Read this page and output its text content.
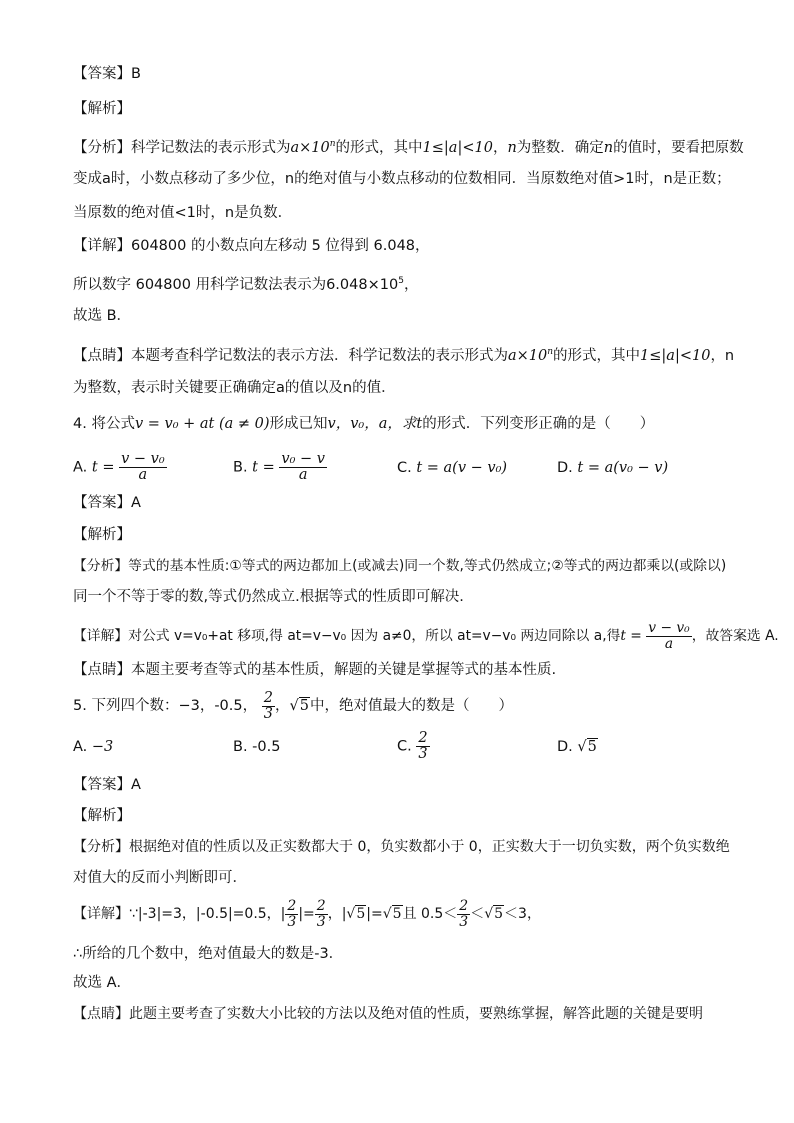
【答案】B
【解析】
【分析】科学记数法的表示形式为$a\times 10^n$的形式，其中1≤|a|<10，n为整数．确定n的值时，要看把原数
变成a时，小数点移动了多少位，n的绝对值与小数点移动的位数相同．当原数绝对值>1时，n是正数；
当原数的绝对值<1时，n是负数．
【详解】604800 的小数点向左移动 5 位得到 6.048，
所以数字 604800 用科学记数法表示为$6.048\times 10^5$，
故选 B．
【点睛】本题考查科学记数法的表示方法．科学记数法的表示形式为$a\times 10^n$的形式，其中1≤|a|<10，n
为整数，表示时关键要正确确定a的值以及n的值．
4. 将公式v = v₀ + at (a ≠ 0)形成已知v，v₀，a，求t的形式．下列变形正确的是（　　）
A. $t = \frac{\text{v − v₀}}{a}$	B. $t = \frac{\text{v₀ − v}}{a}$	C. t = a(v − v₀)	D. t = a(v₀ − v)
【答案】A
【解析】
【分析】等式的基本性质:①等式的两边都加上(或减去)同一个数,等式仍然成立;②等式的两边都乘以(或除以)
同一个不等于零的数,等式仍然成立.根据等式的性质即可解决.
【详解】对公式 v=v₀+at 移项,得 at=v−v₀ 因为 a≠0，所以 at=v−v₀ 两边同除以 a,得$t = \frac{\text{v − v₀}}{a}$ ，故答案选 A.
【点睛】本题主要考查等式的基本性质，解题的关键是掌握等式的基本性质.
5. 下列四个数：−3，-0.5， $\frac{2}{3}$ ，√5中，绝对值最大的数是（　　）
A. −3	B. -0.5	C. $\frac{2}{3}$	D. √5
【答案】A
【解析】
【分析】根据绝对值的性质以及正实数都大于 0，负实数都小于 0，正实数大于一切负实数，两个负实数绝
对值大的反而小判断即可．
【详解】∵|-3|=3，|-0.5|=0.5，| $\frac{2}{3}$ |= $\frac{2}{3}$ ，|√5|=√5且 $0.5< \frac{2}{3} <√5<3$，
∴所给的几个数中，绝对值最大的数是-3．
故选 A．
【点睛】此题主要考查了实数大小比较的方法以及绝对值的性质，要熟练掌握，解答此题的关键是要明
